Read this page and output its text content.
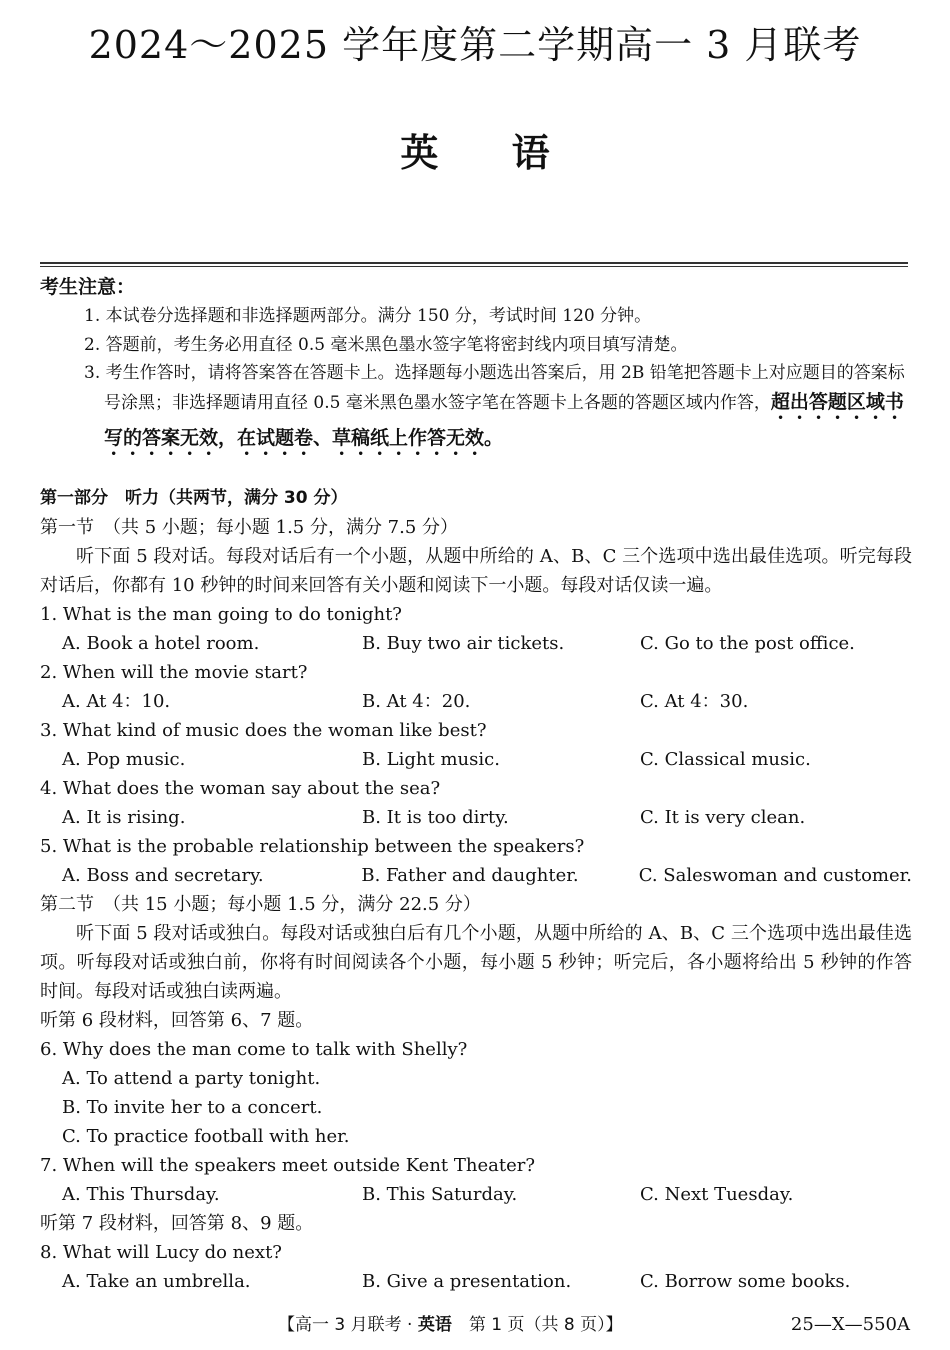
2024～2025 学年度第二学期高一 3 月联考
英 语
考生注意：
1. 本试卷分选择题和非选择题两部分。满分 150 分，考试时间 120 分钟。
2. 答题前，考生务必用直径 0.5 毫米黑色墨水签字笔将密封线内项目填写清楚。
3. 考生作答时，请将答案答在答题卡上。选择题每小题选出答案后，用 2B 铅笔把答题卡上对应题目的答案标号涂黑；非选择题请用直径 0.5 毫米黑色墨水签字笔在答题卡上各题的答题区域内作答，超出答题区域书写的答案无效，在试题卷、草稿纸上作答无效。
第一部分　听力（共两节，满分 30 分）
第一节　（共 5 小题；每小题 1.5 分，满分 7.5 分）
听下面 5 段对话。每段对话后有一个小题，从题中所给的 A、B、C 三个选项中选出最佳选项。听完每段对话后，你都有 10 秒钟的时间来回答有关小题和阅读下一小题。每段对话仅读一遍。
1. What is the man going to do tonight?
A. Book a hotel room.	B. Buy two air tickets.	C. Go to the post office.
2. When will the movie start?
A. At 4：10.	B. At 4：20.	C. At 4：30.
3. What kind of music does the woman like best?
A. Pop music.	B. Light music.	C. Classical music.
4. What does the woman say about the sea?
A. It is rising.	B. It is too dirty.	C. It is very clean.
5. What is the probable relationship between the speakers?
A. Boss and secretary.	B. Father and daughter.	C. Saleswoman and customer.
第二节　（共 15 小题；每小题 1.5 分，满分 22.5 分）
听下面 5 段对话或独白。每段对话或独白后有几个小题，从题中所给的 A、B、C 三个选项中选出最佳选项。听每段对话或独白前，你将有时间阅读各个小题，每小题 5 秒钟；听完后，各小题将给出 5 秒钟的作答时间。每段对话或独白读两遍。
听第 6 段材料，回答第 6、7 题。
6. Why does the man come to talk with Shelly?
A. To attend a party tonight.
B. To invite her to a concert.
C. To practice football with her.
7. When will the speakers meet outside Kent Theater?
A. This Thursday.	B. This Saturday.	C. Next Tuesday.
听第 7 段材料，回答第 8、9 题。
8. What will Lucy do next?
A. Take an umbrella.	B. Give a presentation.	C. Borrow some books.
【高一 3 月联考 · 英语　第 1 页（共 8 页）】	25—X—550A
